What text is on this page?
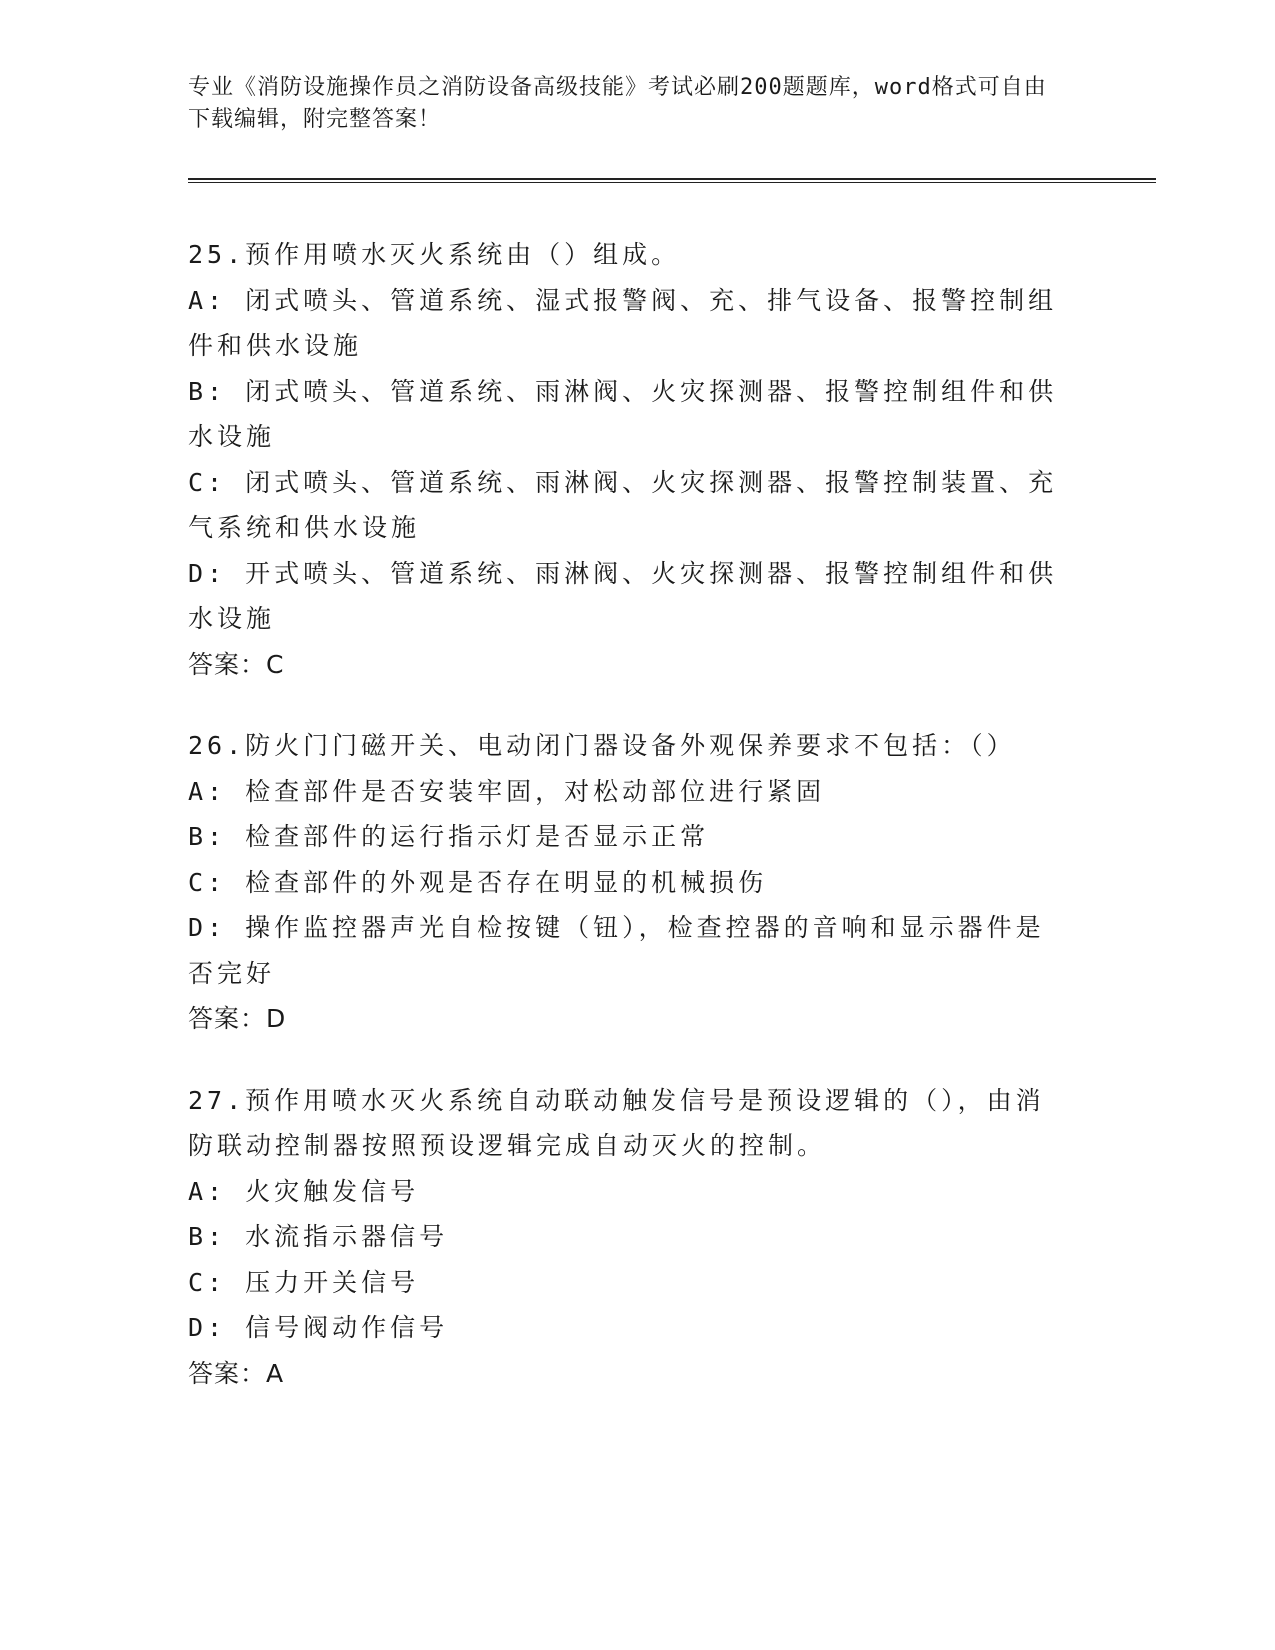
专业《消防设施操作员之消防设备高级技能》考试必刷200题题库，word格式可自由下载编辑，附完整答案！

25.预作用喷水灭火系统由（）组成。

A: 闭式喷头、管道系统、湿式报警阀、充、排气设备、报警控制组件和供水设施

B: 闭式喷头、管道系统、雨淋阀、火灾探测器、报警控制组件和供水设施

C: 闭式喷头、管道系统、雨淋阀、火灾探测器、报警控制装置、充气系统和供水设施

D: 开式喷头、管道系统、雨淋阀、火灾探测器、报警控制组件和供水设施

答案：C

26.防火门门磁开关、电动闭门器设备外观保养要求不包括：（）

A: 检查部件是否安装牢固，对松动部位进行紧固

B: 检查部件的运行指示灯是否显示正常

C: 检查部件的外观是否存在明显的机械损伤

D: 操作监控器声光自检按键（钮），检查控器的音响和显示器件是否完好

答案：D

27.预作用喷水灭火系统自动联动触发信号是预设逻辑的（），由消防联动控制器按照预设逻辑完成自动灭火的控制。

A: 火灾触发信号

B: 水流指示器信号

C: 压力开关信号

D: 信号阀动作信号

答案：A
